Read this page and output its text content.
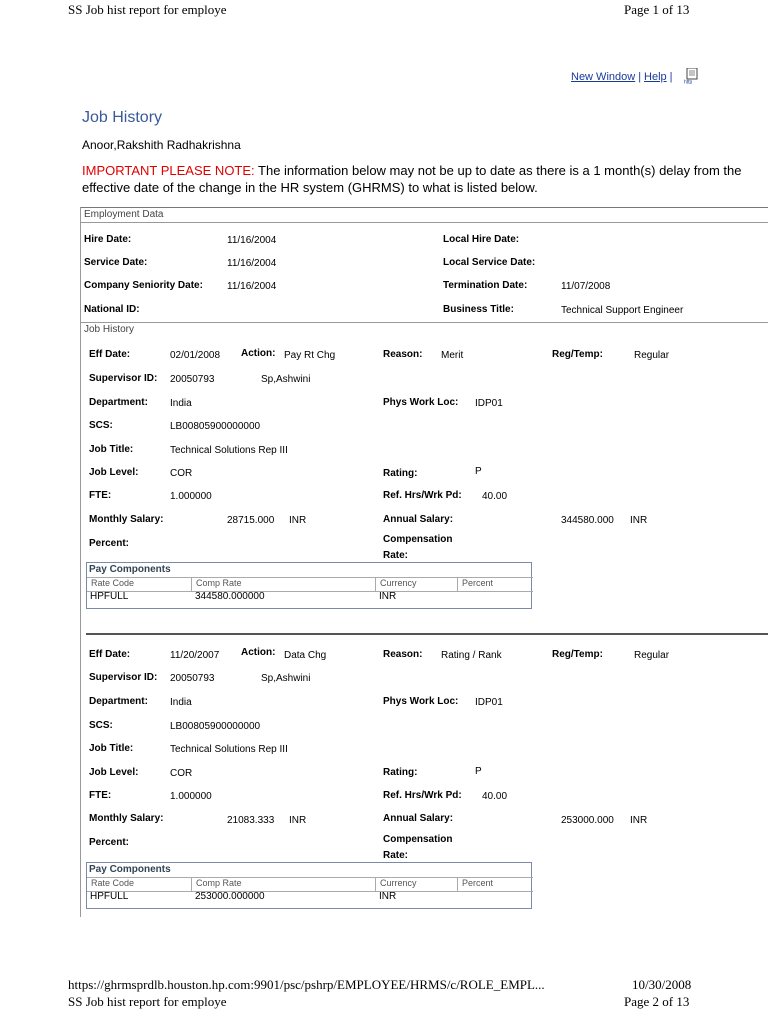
SS Job hist report for employe	Page 1 of 13
New Window | Help |	http
Job History
Anoor,Rakshith Radhakrishna
IMPORTANT PLEASE NOTE: The information below may not be up to date as there is a 1 month(s) delay from the effective date of the change in the HR system (GHRMS) to what is listed below.
Employment Data
Hire Date:	11/16/2004	Local Hire Date:
Service Date:	11/16/2004	Local Service Date:
Company Seniority Date: 11/16/2004	Termination Date:	11/07/2008
National ID:	Business Title:	Technical Support Engineer
Job History
Eff Date:	02/01/2008 Action: Pay Rt Chg	Reason: Merit	Reg/Temp:	Regular
Supervisor ID: 20050793	Sp,Ashwini
Department: India	Phys Work Loc: IDP01
SCS:	LB00805900000000
Job Title:	Technical Solutions Rep III
Job Level:	COR	Rating:	P
FTE:	1.000000	Ref. Hrs/Wrk Pd: 40.00
Monthly Salary:	28715.000 INR	Annual Salary:	344580.000 INR
Percent:	Compensation
Rate:
Pay Components
Rate Code	Comp Rate	Currency	Percent
HPFULL	344580.000000	INR
Eff Date:	11/20/2007 Action: Data Chg	Reason: Rating / Rank	Reg/Temp:	Regular
Supervisor ID: 20050793	Sp,Ashwini
Department: India	Phys Work Loc: IDP01
SCS:	LB00805900000000
Job Title:	Technical Solutions Rep III
Job Level:	COR	Rating:	P
FTE:	1.000000	Ref. Hrs/Wrk Pd: 40.00
Monthly Salary:	21083.333 INR	Annual Salary:	253000.000 INR
Percent:	Compensation
Rate:
Pay Components
Rate Code	Comp Rate	Currency	Percent
HPFULL	253000.000000	INR
https://ghrmsprdlb.houston.hp.com:9901/psc/pshrp/EMPLOYEE/HRMS/c/ROLE_EMPL...	10/30/2008
SS Job hist report for employe	Page 2 of 13
